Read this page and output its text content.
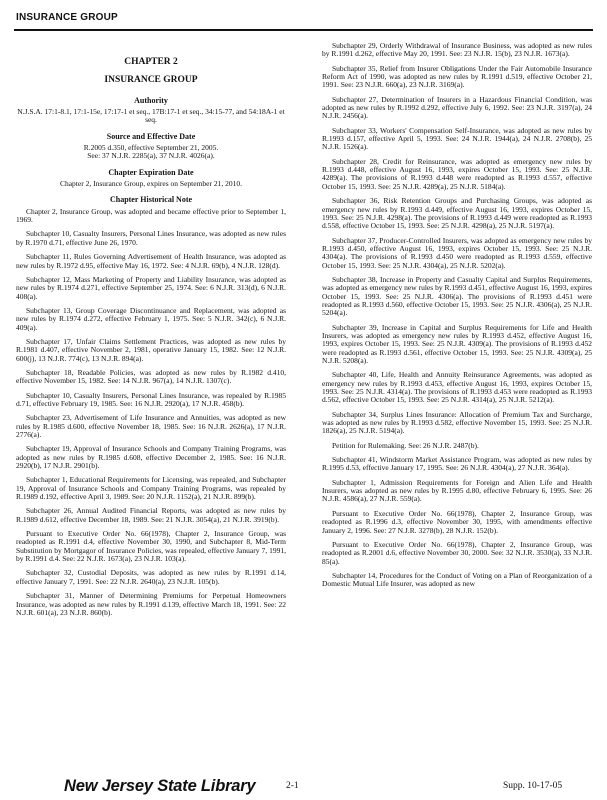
INSURANCE GROUP
CHAPTER 2
INSURANCE GROUP
Authority

N.J.S.A. 17:1-8.1, 17:1-15e, 17:17-1 et seq., 17B:17-1 et seq., 34:15-77, and 54:18A-1 et seq.

Source and Effective Date

R.2005 d.350, effective September 21, 2005.

See: 37 N.J.R. 2285(a), 37 N.J.R. 4026(a).

Chapter Expiration Date

Chapter 2, Insurance Group, expires on September 21, 2010.

Chapter Historical Note

Chapter 2, Insurance Group, was adopted and became effective prior to September 1, 1969.

Subchapter 10, Casualty Insurers, Personal Lines Insurance, was adopted as new rules by R.1970 d.71, effective June 26, 1970.

Subchapter 11, Rules Governing Advertisement of Health Insurance, was adopted as new rules by R.1972 d.95, effective May 16, 1972. See: 4 N.J.R. 69(b), 4 N.J.R. 128(d).

Subchapter 12, Mass Marketing of Property and Liability Insurance, was adopted as new rules by R.1974 d.271, effective September 25, 1974. See: 6 N.J.R. 313(d), 6 N.J.R. 408(a).

Subchapter 13, Group Coverage Discontinuance and Replacement, was adopted as new rules by R.1974 d.272, effective February 1, 1975. See: 5 N.J.R. 342(c), 6 N.J.R. 409(a).

Subchapter 17, Unfair Claims Settlement Practices, was adopted as new rules by R.1981 d.407, effective November 2, 1981, operative January 15, 1982. See: 12 N.J.R. 600(j), 13 N.J.R. 774(c), 13 N.J.R. 894(a).

Subchapter 18, Readable Policies, was adopted as new rules by R.1982 d.410, effective November 15, 1982. See: 14 N.J.R. 967(a), 14 N.J.R. 1307(c).

Subchapter 10, Casualty Insurers, Personal Lines Insurance, was repealed by R.1985 d.71, effective February 19, 1985. See: 16 N.J.R. 2920(a), 17 N.J.R. 458(b).

Subchapter 23, Advertisement of Life Insurance and Annuities, was adopted as new rules by R.1985 d.600, effective November 18, 1985. See: 16 N.J.R. 2626(a), 17 N.J.R. 2776(a).

Subchapter 19, Approval of Insurance Schools and Company Training Programs, was adopted as new rules by R.1985 d.608, effective December 2, 1985. See: 16 N.J.R. 2920(b), 17 N.J.R. 2901(b).

Subchapter 1, Educational Requirements for Licensing, was repealed, and Subchapter 19, Approval of Insurance Schools and Company Training Programs, was repealed by R.1989 d.192, effective April 3, 1989. See: 20 N.J.R. 1152(a), 21 N.J.R. 899(b).

Subchapter 26, Annual Audited Financial Reports, was adopted as new rules by R.1989 d.612, effective December 18, 1989. See: 21 N.J.R. 3054(a), 21 N.J.R. 3919(b).

Pursuant to Executive Order No. 66(1978), Chapter 2, Insurance Group, was readopted as R.1991 d.4, effective November 30, 1990, and Subchapter 8, Mid-Term Substitution by Mortgagor of Insurance Policies, was repealed, effective January 7, 1991, by R.1991 d.4. See: 22 N.J.R. 1673(a), 23 N.J.R. 103(a).

Subchapter 32, Custodial Deposits, was adopted as new rules by R.1991 d.14, effective January 7, 1991. See: 22 N.J.R. 2640(a), 23 N.J.R. 105(b).

Subchapter 31, Manner of Determining Premiums for Perpetual Homeowners Insurance, was adopted as new rules by R.1991 d.139, effective March 18, 1991. See: 22 N.J.R. 601(a), 23 N.J.R. 860(b).

Subchapter 29, Orderly Withdrawal of Insurance Business, was adopted as new rules by R.1991 d.262, effective May 20, 1991. See: 23 N.J.R. 15(b), 23 N.J.R. 1673(a).

Subchapter 35, Relief from Insurer Obligations Under the Fair Automobile Insurance Reform Act of 1990, was adopted as new rules by R.1991 d.519, effective October 21, 1991. See: 23 N.J.R. 660(a), 23 N.J.R. 3169(a).

Subchapter 27, Determination of Insurers in a Hazardous Financial Condition, was adopted as new rules by R.1992 d.292, effective July 6, 1992. See: 23 N.J.R. 3197(a), 24 N.J.R. 2456(a).

Subchapter 33, Workers' Compensation Self-Insurance, was adopted as new rules by R.1993 d.157, effective April 5, 1993. See: 24 N.J.R. 1944(a), 24 N.J.R. 2708(b), 25 N.J.R. 1526(a).

Subchapter 28, Credit for Reinsurance, was adopted as emergency new rules by R.1993 d.448, effective August 16, 1993, expires October 15, 1993. See: 25 N.J.R. 4289(a). The provisions of R.1993 d.448 were readopted as R.1993 d.557, effective October 15, 1993. See: 25 N.J.R. 4289(a), 25 N.J.R. 5184(a).

Subchapter 36, Risk Retention Groups and Purchasing Groups, was adopted as emergency new rules by R.1993 d.449, effective August 16, 1993, expires October 15, 1993. See: 25 N.J.R. 4298(a). The provisions of R.1993 d.449 were readopted as R.1993 d.558, effective October 15, 1993. See: 25 N.J.R. 4298(a), 25 N.J.R. 5197(a).

Subchapter 37, Producer-Controlled Insurers, was adopted as emergency new rules by R.1993 d.450, effective August 16, 1993, expires October 15, 1993. See: 25 N.J.R. 4304(a). The provisions of R.1993 d.450 were readopted as R.1993 d.559, effective October 15, 1993. See: 25 N.J.R. 4304(a), 25 N.J.R. 5202(a).

Subchapter 38, Increase in Property and Casualty Capital and Surplus Requirements, was adopted as emergency new rules by R.1993 d.451, effective August 16, 1993, expires October 15, 1993. See: 25 N.J.R. 4306(a). The provisions of R.1993 d.451 were readopted as R.1993 d.560, effective October 15, 1993. See: 25 N.J.R. 4306(a), 25 N.J.R. 5204(a).

Subchapter 39, Increase in Capital and Surplus Requirements for Life and Health Insurers, was adopted as emergency new rules by R.1993 d.452, effective August 16, 1993, expires October 15, 1993. See: 25 N.J.R. 4309(a). The provisions of R.1993 d.452 were readopted as R.1993 d.561, effective October 15, 1993. See: 25 N.J.R. 4309(a), 25 N.J.R. 5208(a).

Subchapter 40, Life, Health and Annuity Reinsurance Agreements, was adopted as emergency new rules by R.1993 d.453, effective August 16, 1993, expires October 15, 1993. See: 25 N.J.R. 4314(a). The provisions of R.1993 d.453 were readopted as R.1993 d.562, effective October 15, 1993. See: 25 N.J.R. 4314(a), 25 N.J.R. 5212(a).

Subchapter 34, Surplus Lines Insurance: Allocation of Premium Tax and Surcharge, was adopted as new rules by R.1993 d.582, effective November 15, 1993. See: 25 N.J.R. 1826(a), 25 N.J.R. 5194(a).

Petition for Rulemaking. See: 26 N.J.R. 2487(b).

Subchapter 41, Windstorm Market Assistance Program, was adopted as new rules by R.1995 d.53, effective January 17, 1995. See: 26 N.J.R. 4304(a), 27 N.J.R. 364(a).

Subchapter 1, Admission Requirements for Foreign and Alien Life and Health Insurers, was adopted as new rules by R.1995 d.80, effective February 6, 1995. See: 26 N.J.R. 4586(a), 27 N.J.R. 559(a).

Pursuant to Executive Order No. 66(1978), Chapter 2, Insurance Group, was readopted as R.1996 d.3, effective November 30, 1995, with amendments effective January 2, 1996. See: 27 N.J.R. 3278(b), 28 N.J.R. 152(b).

Pursuant to Executive Order No. 66(1978), Chapter 2, Insurance Group, was readopted as R.2001 d.6, effective November 30, 2000. See: 32 N.J.R. 3530(a), 33 N.J.R. 85(a).

Subchapter 14, Procedures for the Conduct of Voting on a Plan of Reorganization of a Domestic Mutual Life Insurer, was adopted as new

New Jersey State Library	2-1	Supp. 10-17-05
